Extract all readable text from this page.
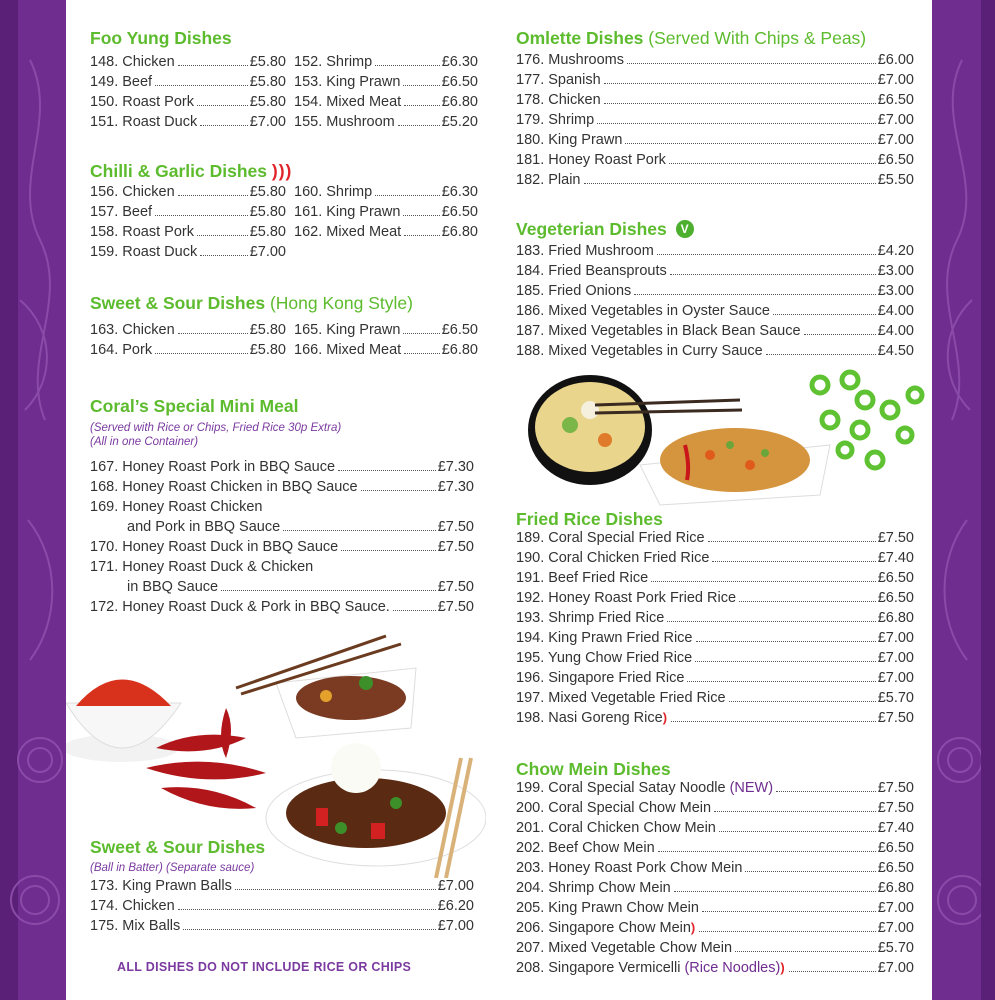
Foo Yung Dishes
148. Chicken	£5.80
149. Beef	£5.80
150. Roast Pork	£5.80
151. Roast Duck	£7.00
152. Shrimp	£6.30
153. King Prawn	£6.50
154. Mixed Meat	£6.80
155. Mushroom	£5.20
Chilli & Garlic Dishes )))
156. Chicken	£5.80
157. Beef	£5.80
158. Roast Pork	£5.80
159. Roast Duck	£7.00
160. Shrimp	£6.30
161. King Prawn	£6.50
162. Mixed Meat	£6.80
Sweet & Sour Dishes (Hong Kong Style)
163. Chicken	£5.80
164. Pork	£5.80
165. King Prawn	£6.50
166. Mixed Meat	£6.80
Coral’s Special Mini Meal
(Served with Rice or Chips, Fried Rice 30p Extra)
(All in one Container)
167. Honey Roast Pork in BBQ Sauce	£7.30
168. Honey Roast Chicken in BBQ Sauce	£7.30
169. Honey Roast Chicken
and Pork in BBQ Sauce	£7.50
170. Honey Roast Duck in BBQ Sauce	£7.50
171. Honey Roast Duck & Chicken
in BBQ Sauce	£7.50
172. Honey Roast Duck & Pork in BBQ Sauce.	£7.50
Sweet & Sour Dishes
(Ball in Batter) (Separate sauce)
173. King Prawn Balls	£7.00
174. Chicken	£6.20
175. Mix Balls	£7.00
ALL DISHES DO NOT INCLUDE RICE OR CHIPS
Omlette Dishes (Served With Chips & Peas)
176. Mushrooms	£6.00
177. Spanish	£7.00
178. Chicken	£6.50
179. Shrimp	£7.00
180. King Prawn	£7.00
181. Honey Roast Pork	£6.50
182. Plain	£5.50
Vegeterian Dishes V
183. Fried Mushroom	£4.20
184. Fried Beansprouts	£3.00
185. Fried Onions	£3.00
186. Mixed Vegetables in Oyster Sauce	£4.00
187. Mixed Vegetables in Black Bean Sauce	£4.00
188. Mixed Vegetables in Curry Sauce	£4.50
Fried Rice Dishes
189. Coral Special Fried Rice	£7.50
190. Coral Chicken Fried Rice	£7.40
191. Beef Fried Rice	£6.50
192. Honey Roast Pork Fried Rice	£6.50
193. Shrimp Fried Rice	£6.80
194. King Prawn Fried Rice	£7.00
195. Yung Chow Fried Rice	£7.00
196. Singapore Fried Rice	£7.00
197. Mixed Vegetable Fried Rice	£5.70
198. Nasi Goreng Rice )	£7.50
Chow Mein Dishes
199. Coral Special Satay Noodle (NEW)	£7.50
200. Coral Special Chow Mein	£7.50
201. Coral Chicken Chow Mein	£7.40
202. Beef Chow Mein	£6.50
203. Honey Roast Pork Chow Mein	£6.50
204. Shrimp Chow Mein	£6.80
205. King Prawn Chow Mein	£7.00
206. Singapore Chow Mein )	£7.00
207. Mixed Vegetable Chow Mein	£5.70
208. Singapore Vermicelli (Rice Noodles) )	£7.00
